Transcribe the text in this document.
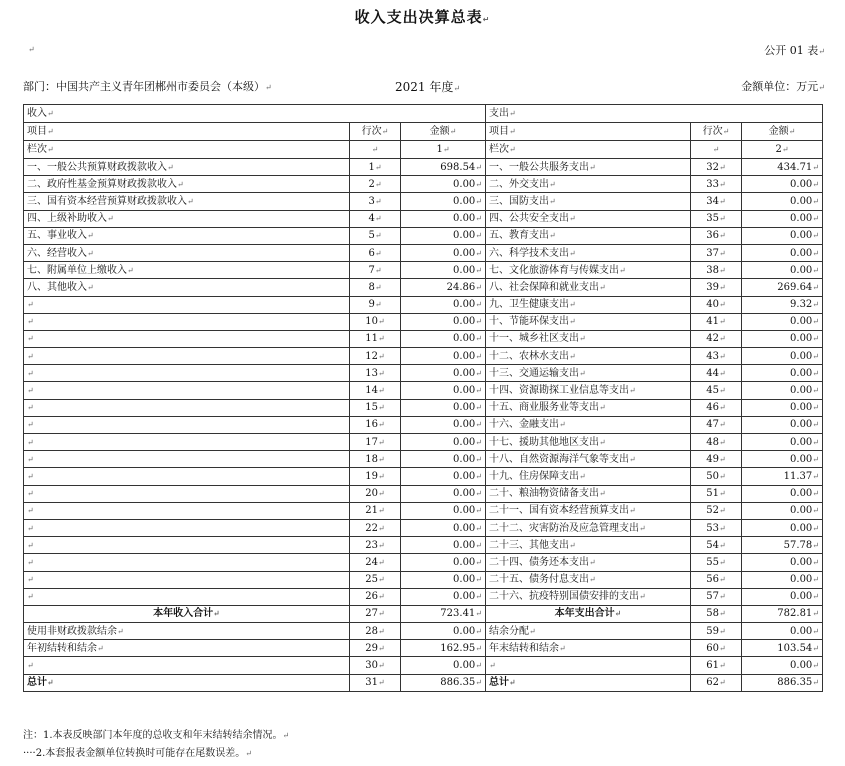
收入支出决算总表↵
↵	公开 01 表↵
部门：中国共产主义青年团郴州市委员会（本级）↵	2021 年度↵	金额单位：万元↵
收入↵			支出↵		
项目↵	行次↵	金额↵	项目↵	行次↵	金额↵
栏次↵	↵	1↵	栏次↵	↵	2↵
一、一般公共预算财政拨款收入↵	1↵	698.54↵	一、一般公共服务支出↵	32↵	434.71↵
二、政府性基金预算财政拨款收入↵	2↵	0.00↵	二、外交支出↵	33↵	0.00↵
三、国有资本经营预算财政拨款收入↵	3↵	0.00↵	三、国防支出↵	34↵	0.00↵
四、上级补助收入↵	4↵	0.00↵	四、公共安全支出↵	35↵	0.00↵
五、事业收入↵	5↵	0.00↵	五、教育支出↵	36↵	0.00↵
六、经营收入↵	6↵	0.00↵	六、科学技术支出↵	37↵	0.00↵
七、附属单位上缴收入↵	7↵	0.00↵	七、文化旅游体育与传媒支出↵	38↵	0.00↵
八、其他收入↵	8↵	24.86↵	八、社会保障和就业支出↵	39↵	269.64↵
↵	9↵	0.00↵	九、卫生健康支出↵	40↵	9.32↵
↵	10↵	0.00↵	十、节能环保支出↵	41↵	0.00↵
↵	11↵	0.00↵	十一、城乡社区支出↵	42↵	0.00↵
↵	12↵	0.00↵	十二、农林水支出↵	43↵	0.00↵
↵	13↵	0.00↵	十三、交通运输支出↵	44↵	0.00↵
↵	14↵	0.00↵	十四、资源勘探工业信息等支出↵	45↵	0.00↵
↵	15↵	0.00↵	十五、商业服务业等支出↵	46↵	0.00↵
↵	16↵	0.00↵	十六、金融支出↵	47↵	0.00↵
↵	17↵	0.00↵	十七、援助其他地区支出↵	48↵	0.00↵
↵	18↵	0.00↵	十八、自然资源海洋气象等支出↵	49↵	0.00↵
↵	19↵	0.00↵	十九、住房保障支出↵	50↵	11.37↵
↵	20↵	0.00↵	二十、粮油物资储备支出↵	51↵	0.00↵
↵	21↵	0.00↵	二十一、国有资本经营预算支出↵	52↵	0.00↵
↵	22↵	0.00↵	二十二、灾害防治及应急管理支出↵	53↵	0.00↵
↵	23↵	0.00↵	二十三、其他支出↵	54↵	57.78↵
↵	24↵	0.00↵	二十四、债务还本支出↵	55↵	0.00↵
↵	25↵	0.00↵	二十五、债务付息支出↵	56↵	0.00↵
↵	26↵	0.00↵	二十六、抗疫特别国债安排的支出↵	57↵	0.00↵
本年收入合计↵	27↵	723.41↵	本年支出合计↵	58↵	782.81↵
使用非财政拨款结余↵	28↵	0.00↵	结余分配↵	59↵	0.00↵
年初结转和结余↵	29↵	162.95↵	年末结转和结余↵	60↵	103.54↵
↵	30↵	0.00↵	↵	61↵	0.00↵
总计↵	31↵	886.35↵	总计↵	62↵	886.35↵
注：1.本表反映部门本年度的总收支和年末结转结余情况。↵
····2.本套报表金额单位转换时可能存在尾数误差。↵
